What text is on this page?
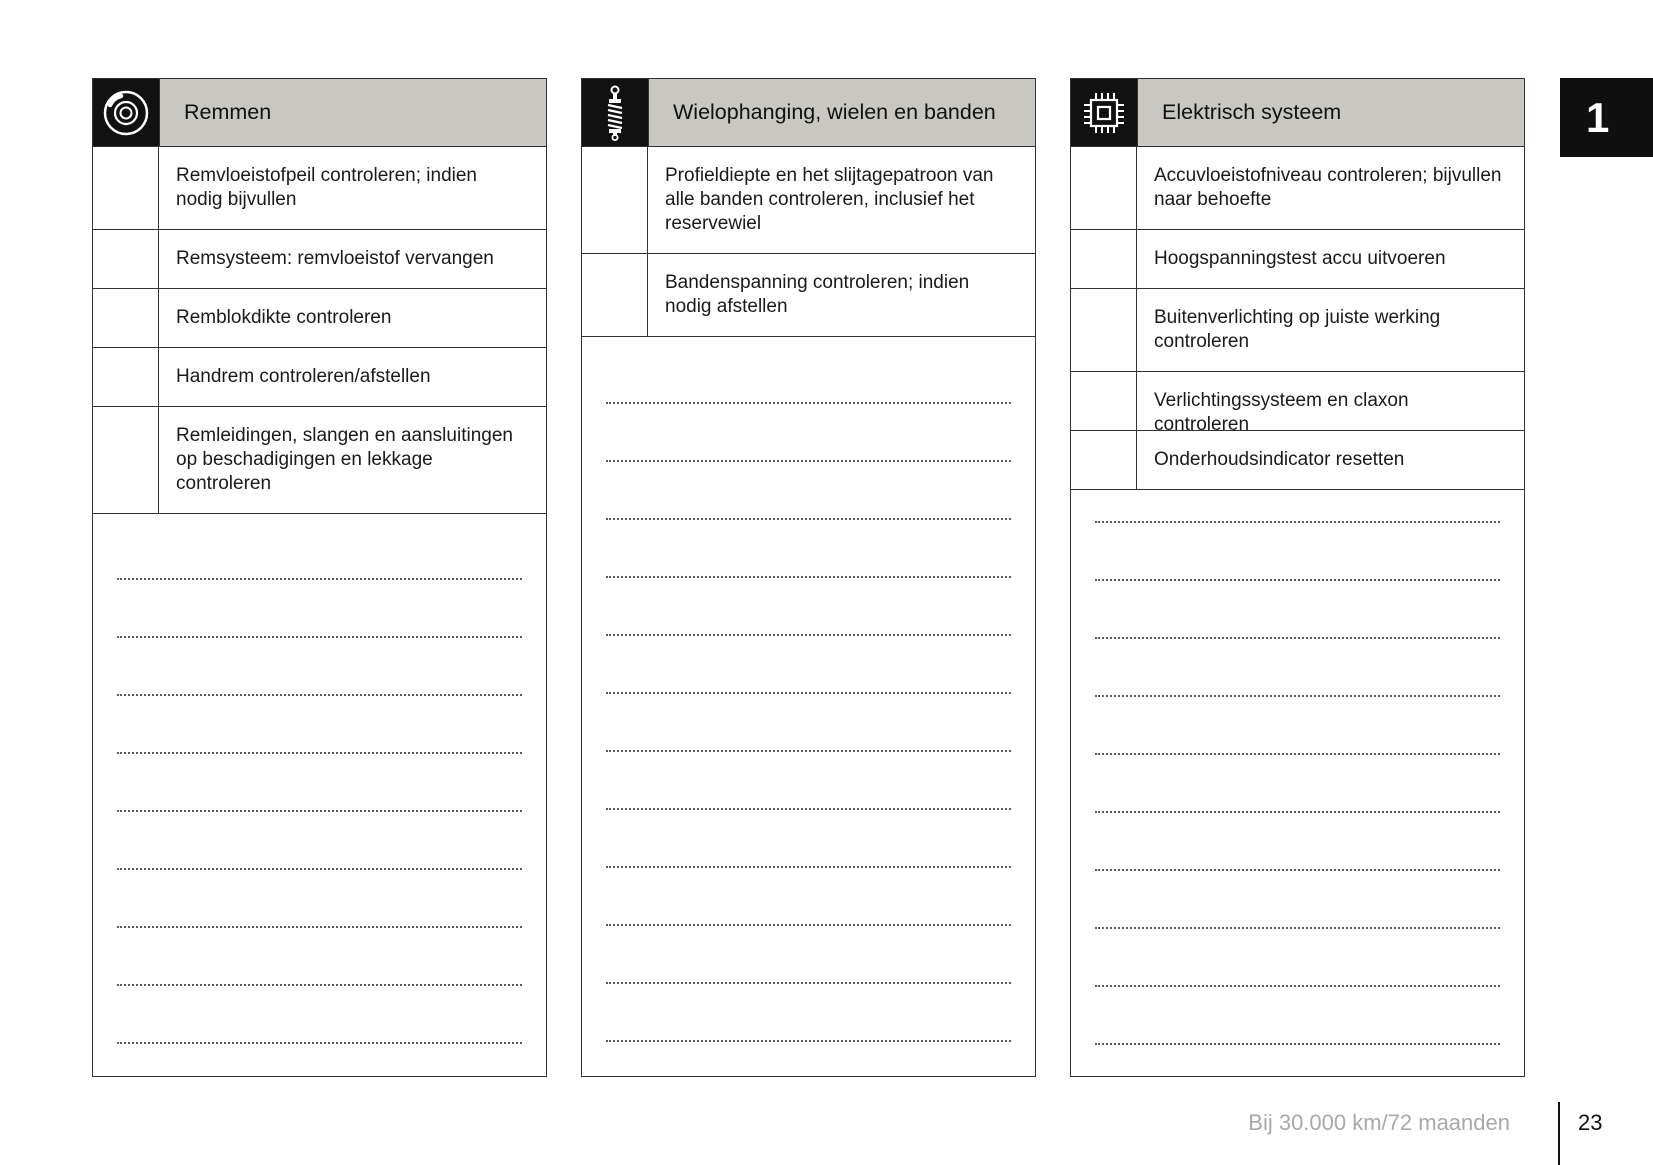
Remmen
Remvloeistofpeil controleren; indien nodig bijvullen
Remsysteem: remvloeistof vervangen
Remblokdikte controleren
Handrem controleren/afstellen
Remleidingen, slangen en aansluitingen op beschadigingen en lekkage controleren
Wielophanging, wielen en banden
Profieldiepte en het slijtagepatroon van alle banden controleren, inclusief het reservewiel
Bandenspanning controleren; indien nodig afstellen
Elektrisch systeem
Accuvloeistofniveau controleren; bijvullen naar behoefte
Hoogspanningstest accu uitvoeren
Buitenverlichting op juiste werking controleren
Verlichtingssysteem en claxon controleren
Onderhoudsindicator resetten
1
Bij 30.000 km/72 maanden	23
